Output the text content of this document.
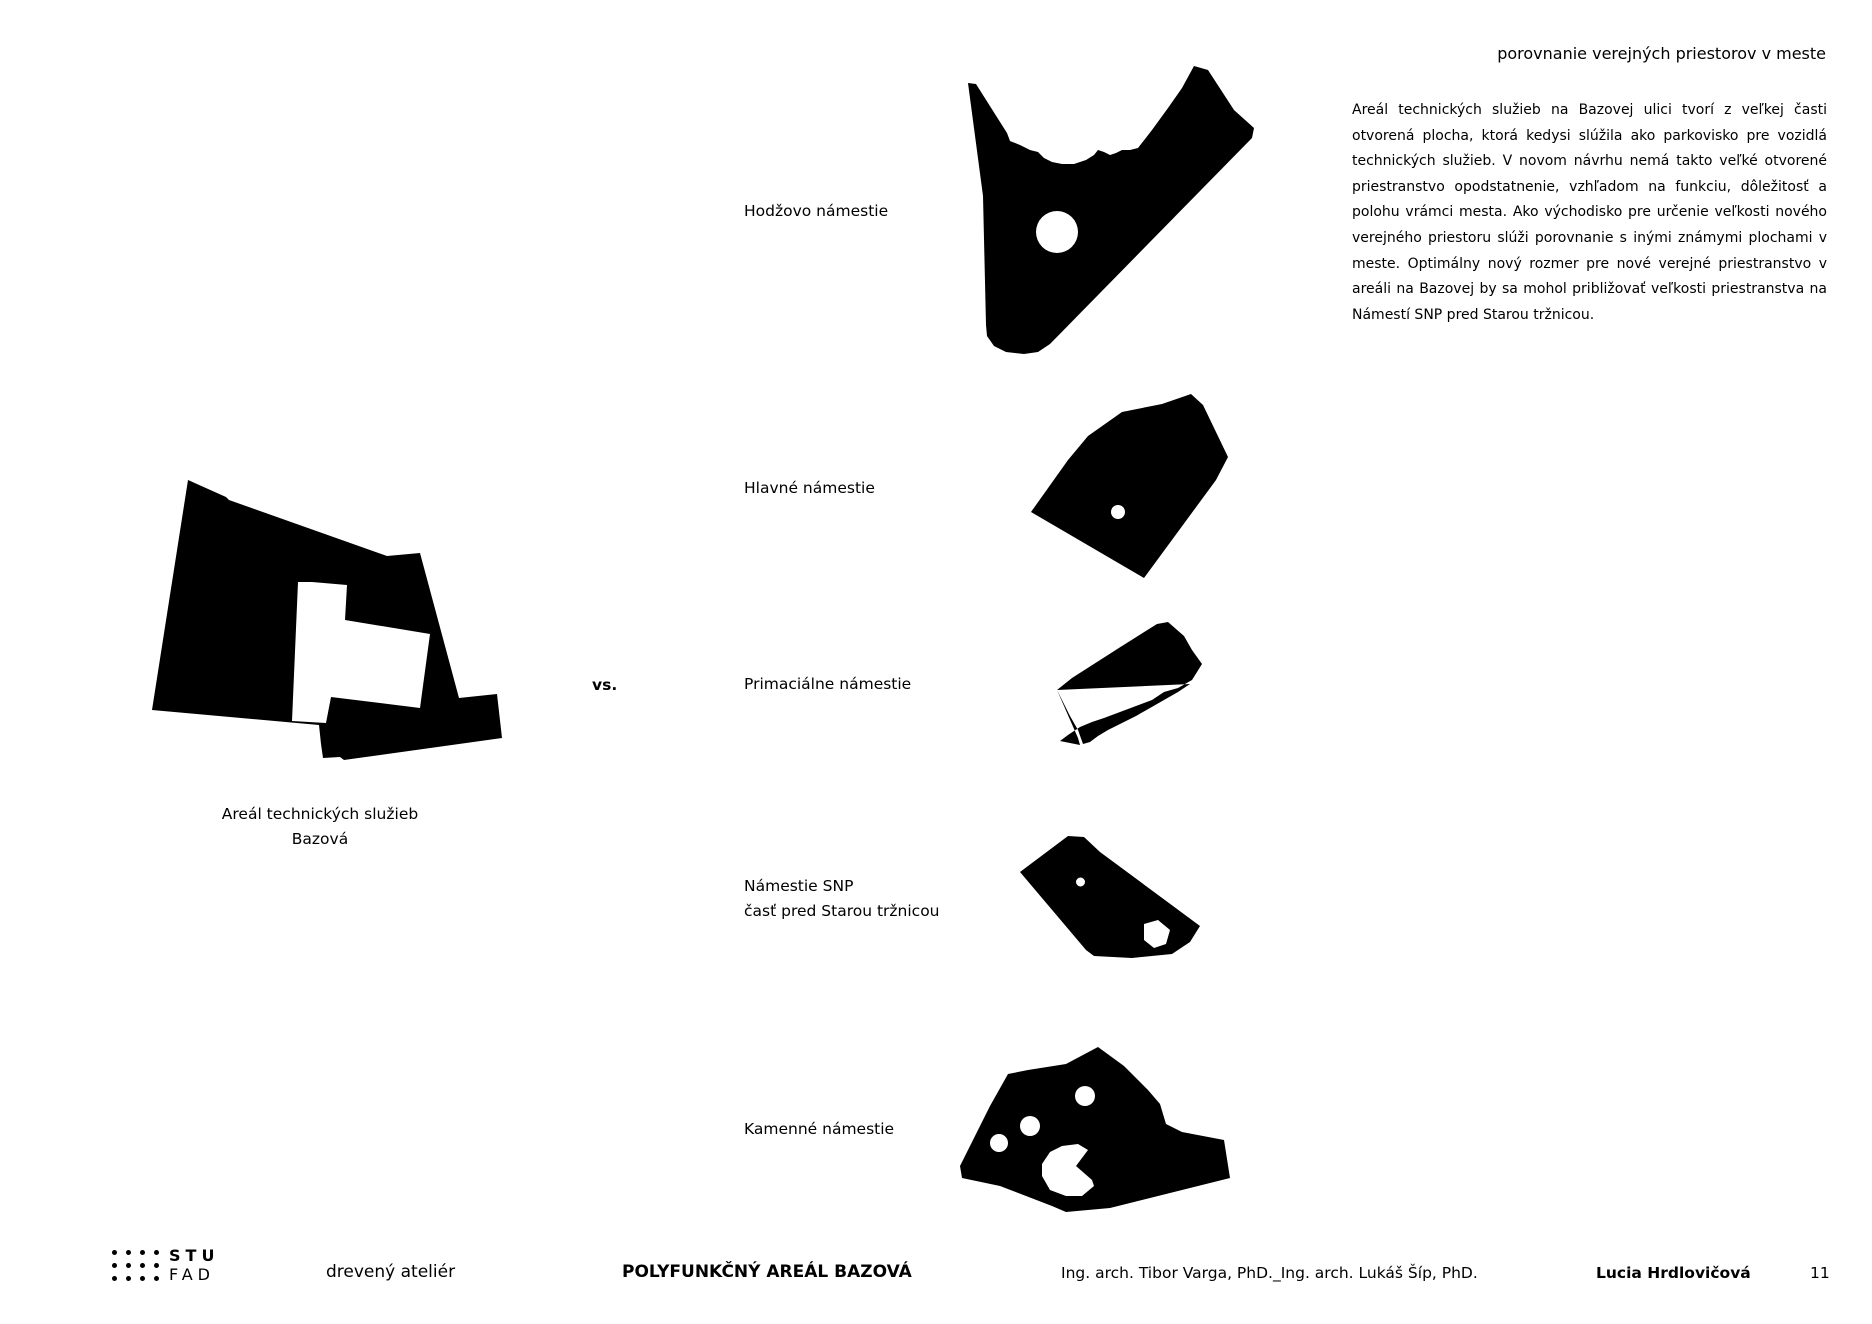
porovnanie verejných priestorov v meste
Areál technických služieb na Bazovej ulici tvorí z veľkej časti otvorená plocha, ktorá kedysi slúžila ako parkovisko pre vozidlá technických služieb. V novom návrhu nemá takto veľké otvorené priestranstvo opodstatnenie, vzhľadom na funkciu, dôležitosť a polohu vrámci mesta. Ako východisko pre určenie veľkosti nového verejného priestoru slúži porovnanie s inými známymi plochami v meste. Optimálny nový rozmer pre nové verejné priestranstvo v areáli na Bazovej by sa mohol približovať veľkosti priestranstva na Námestí SNP pred Starou tržnicou.
Areál technických služieb
Bazová
vs.
Hodžovo námestie
Hlavné námestie
Primaciálne námestie
Námestie SNP
časť pred Starou tržnicou
Kamenné námestie
STU
FAD	drevený ateliér	POLYFUNKČNÝ AREÁL BAZOVÁ	Ing. arch. Tibor Varga, PhD._Ing. arch. Lukáš Šíp, PhD.	Lucia Hrdlovičová	11
